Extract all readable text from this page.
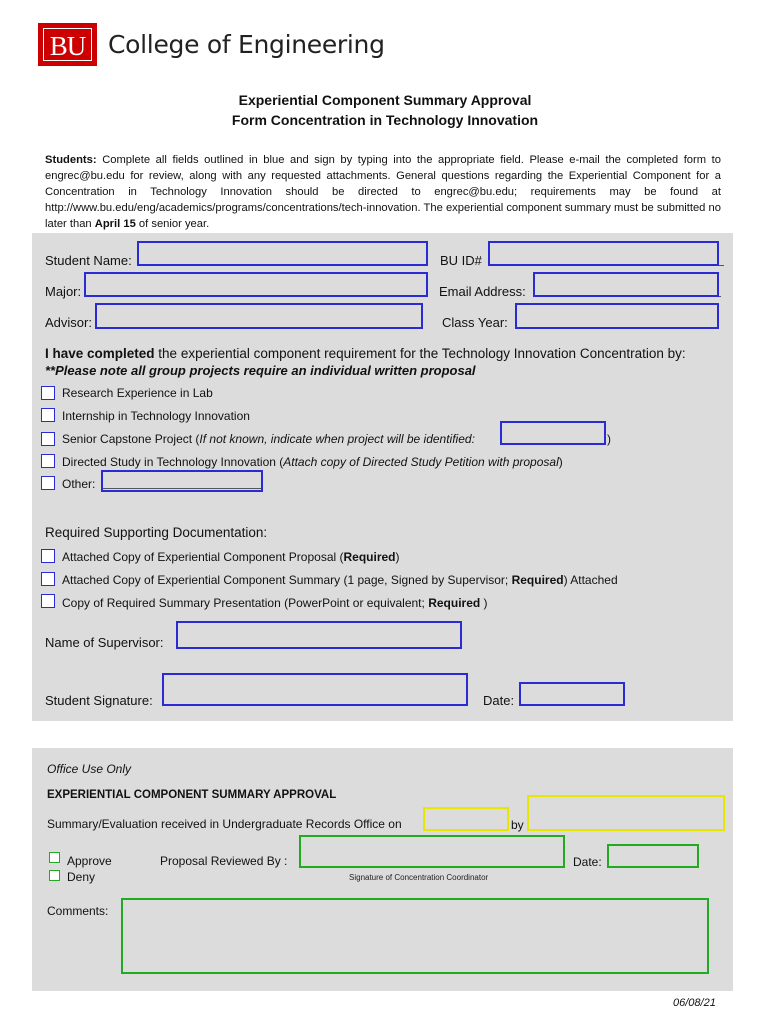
BU College of Engineering
Experiential Component Summary Approval
Form Concentration in Technology Innovation
Students: Complete all fields outlined in blue and sign by typing into the appropriate field. Please e-mail the completed form to engrec@bu.edu for review, along with any requested attachments. General questions regarding the Experiential Component for a Concentration in Technology Innovation should be directed to engrec@bu.edu; requirements may be found at http://www.bu.edu/eng/academics/programs/concentrations/tech-innovation. The experiential component summary must be submitted no later than April 15 of senior year.
Student Name:	BU ID#
Major:	Email Address:
Advisor:	Class Year:
I have completed the experiential component requirement for the Technology Innovation Concentration by:
**Please note all group projects require an individual written proposal
Research Experience in Lab
Internship in Technology Innovation
Senior Capstone Project (If not known, indicate when project will be identified:	)
Directed Study in Technology Innovation (Attach copy of Directed Study Petition with proposal)
Other:
Required Supporting Documentation:
Attached Copy of Experiential Component Proposal (Required)
Attached Copy of Experiential Component Summary (1 page, Signed by Supervisor; Required) Attached
Copy of Required Summary Presentation (PowerPoint or equivalent; Required )
Name of Supervisor:
Student Signature:	Date:
Office Use Only
EXPERIENTIAL COMPONENT SUMMARY APPROVAL
Summary/Evaluation received in Undergraduate Records Office on	by
Approve
Deny
Proposal Reviewed By :
Signature of Concentration Coordinator
Date:
Comments:
06/08/21
